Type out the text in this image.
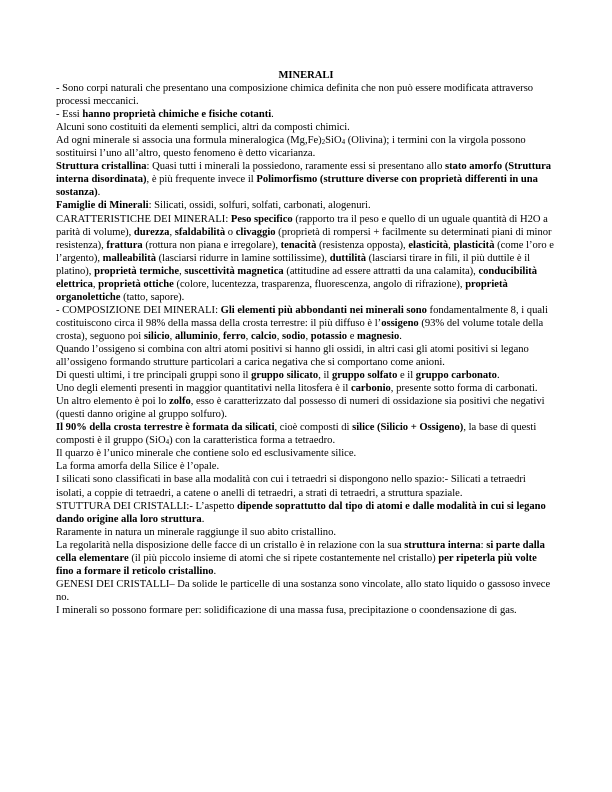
MINERALI

- Sono corpi naturali che presentano una composizione chimica definita che non può essere modificata attraverso processi meccanici.

- Essi hanno proprietà chimiche e fisiche cotanti.

Alcuni sono costituiti da elementi semplici, altri da composti chimici.

Ad ogni minerale si associa una formula mineralogica $(Mg,Fe)_2SiO_4$ (Olivina); i termini con la virgola possono sostituirsi l’uno all’altro, questo fenomeno è detto vicarianza.

Struttura cristallina: Quasi tutti i minerali la possiedono, raramente essi si presentano allo stato amorfo (Struttura interna disordinata), è più frequente invece il Polimorfismo (strutture diverse con proprietà differenti in una sostanza).

Famiglie di Minerali: Silicati, ossidi, solfuri, solfati, carbonati, alogenuri.

CARATTERISTICHE DEI MINERALI: Peso specifico (rapporto tra il peso e quello di un uguale quantità di H2O a parità di volume), durezza, sfaldabilità o clivaggio (proprietà di rompersi + facilmente su determinati piani di minor resistenza), frattura (rottura non piana e irregolare), tenacità (resistenza opposta), elasticità, plasticità (come l’oro e l’argento), malleabilità (lasciarsi ridurre in lamine sottilissime), duttilità (lasciarsi tirare in fili, il più duttile è il platino), proprietà termiche, suscettività magnetica (attitudine ad essere attratti da una calamita), conducibilità elettrica, proprietà ottiche (colore, lucentezza, trasparenza, fluorescenza, angolo di rifrazione), proprietà organolettiche (tatto, sapore).

- COMPOSIZIONE DEI MINERALI: Gli elementi più abbondanti nei minerali sono fondamentalmente 8, i quali costituiscono circa il 98% della massa della crosta terrestre: il più diffuso è l’ossigeno (93% del volume totale della crosta), seguono poi silicio, alluminio, ferro, calcio, sodio, potassio e magnesio.

Quando l’ossigeno si combina con altri atomi positivi si hanno gli ossidi, in altri casi gli atomi positivi si legano all’ossigeno formando strutture particolari a carica negativa che si comportano come anioni.

Di questi ultimi, i tre principali gruppi sono il gruppo silicato, il gruppo solfato e il gruppo carbonato.

Uno degli elementi presenti in maggior quantitativi nella litosfera è il carbonio, presente sotto forma di carbonati.

Un altro elemento è poi lo zolfo, esso è caratterizzato dal possesso di numeri di ossidazione sia positivi che negativi (questi danno origine al gruppo solfuro).

Il 90% della crosta terrestre è formata da silicati, cioè composti di silice (Silicio + Ossigeno), la base di questi composti è il gruppo (SiO$_4$) con la caratteristica forma a tetraedro.

Il quarzo è l’unico minerale che contiene solo ed esclusivamente silice.

La forma amorfa della Silice è l’opale.

I silicati sono classificati in base alla modalità con cui i tetraedri si dispongono nello spazio:- Silicati a tetraedri isolati, a coppie di tetraedri, a catene o anelli di tetraedri, a strati di tetraedri, a struttura spaziale.

STUTTURA DEI CRISTALLI:- L’aspetto dipende soprattutto dal tipo di atomi e dalle modalità in cui si legano dando origine alla loro struttura.

Raramente in natura un minerale raggiunge il suo abito cristallino.

La regolarità nella disposizione delle facce di un cristallo è in relazione con la sua struttura interna: si parte dalla cella elementare (il più piccolo insieme di atomi che si ripete costantemente nel cristallo) per ripeterla più volte fino a formare il reticolo cristallino.

GENESI DEI CRISTALLI– Da solide le particelle di una sostanza sono vincolate, allo stato liquido o gassoso invece no.

I minerali so possono formare per: solidificazione di una massa fusa, precipitazione o coondensazione di gas.
